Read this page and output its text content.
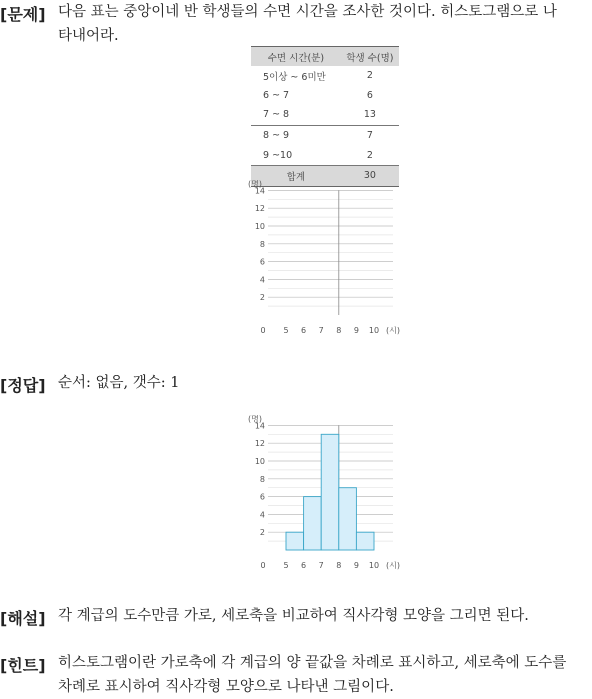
[문제] 다음 표는 중앙이네 반 학생들의 수면 시간을 조사한 것이다. 히스토그램으로 나
타내어라.
수면 시간(분)	학생 수(명)
5이상 ~ 6미만	2
6 ~ 7	6
7 ~ 8	13
8 ~ 9	7
9 ~10	2
합계	30
(명)
2
4
6
8
10
12
14
0 5 6 7 8 9 10 (시)
[정답] 순서: 없음, 갯수: 1
(명)
2
4
6
8
10
12
14
0 5 6 7 8 9 10 (시)
[해설] 각 계급의 도수만큼 가로, 세로축을 비교하여 직사각형 모양을 그리면 된다.
[힌트] 히스토그램이란 가로축에 각 계급의 양 끝값을 차례로 표시하고, 세로축에 도수를
차례로 표시하여 직사각형 모양으로 나타낸 그림이다.
